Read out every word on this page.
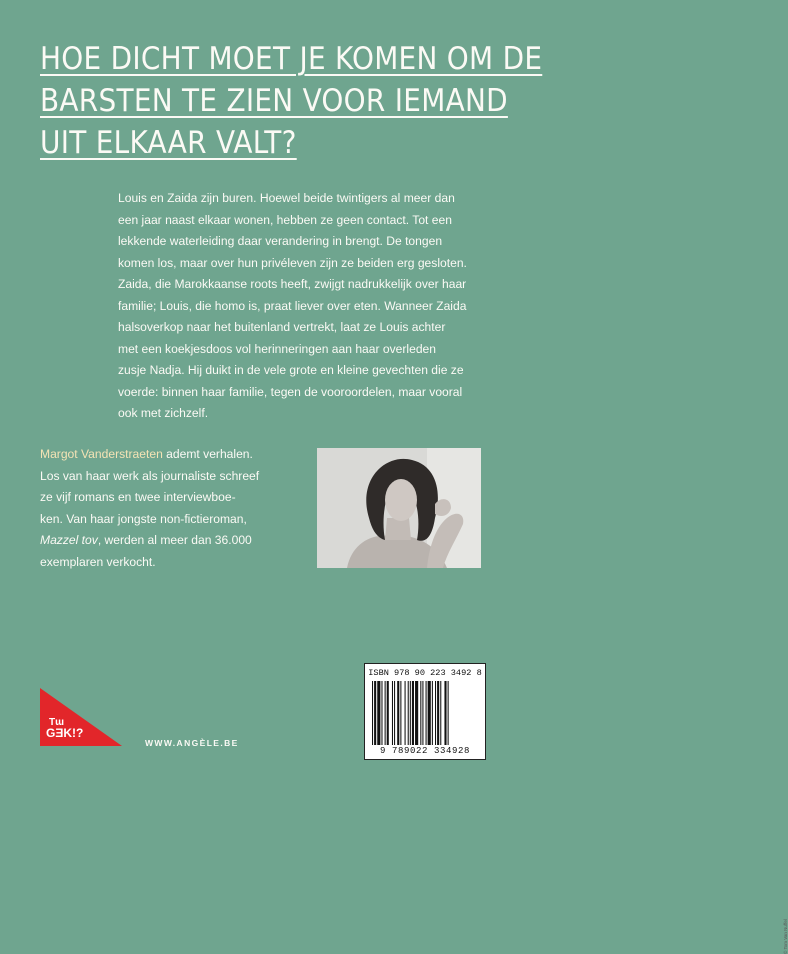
HOE DICHT MOET JE KOMEN OM DE
BARSTEN TE ZIEN VOOR IEMAND
UIT ELKAAR VALT?
Louis en Zaida zijn buren. Hoewel beide twintigers al meer dan
een jaar naast elkaar wonen, hebben ze geen contact. Tot een
lekkende waterleiding daar verandering in brengt. De tongen
komen los, maar over hun privéleven zijn ze beiden erg gesloten.
Zaida, die Marokkaanse roots heeft, zwijgt nadrukkelijk over haar
familie; Louis, die homo is, praat liever over eten. Wanneer Zaida
halsoverkop naar het buitenland vertrekt, laat ze Louis achter
met een koekjesdoos vol herinneringen aan haar overleden
zusje Nadja. Hij duikt in de vele grote en kleine gevechten die ze
voerde: binnen haar familie, tegen de vooroordelen, maar vooral
ook met zichzelf.
Margot Vanderstraeten ademt verhalen.
Los van haar werk als journaliste schreef
ze vijf romans en twee interviewboe-
ken. Van haar jongste non-fictieroman,
Mazzel tov, werden al meer dan 36.000
exemplaren verkocht.
© Tom Van Nuffel
Tɯ
GƎK!?
WWW.ANGÈLE.BE
ISBN 978 90 223 3492 8
9 789022 334928
